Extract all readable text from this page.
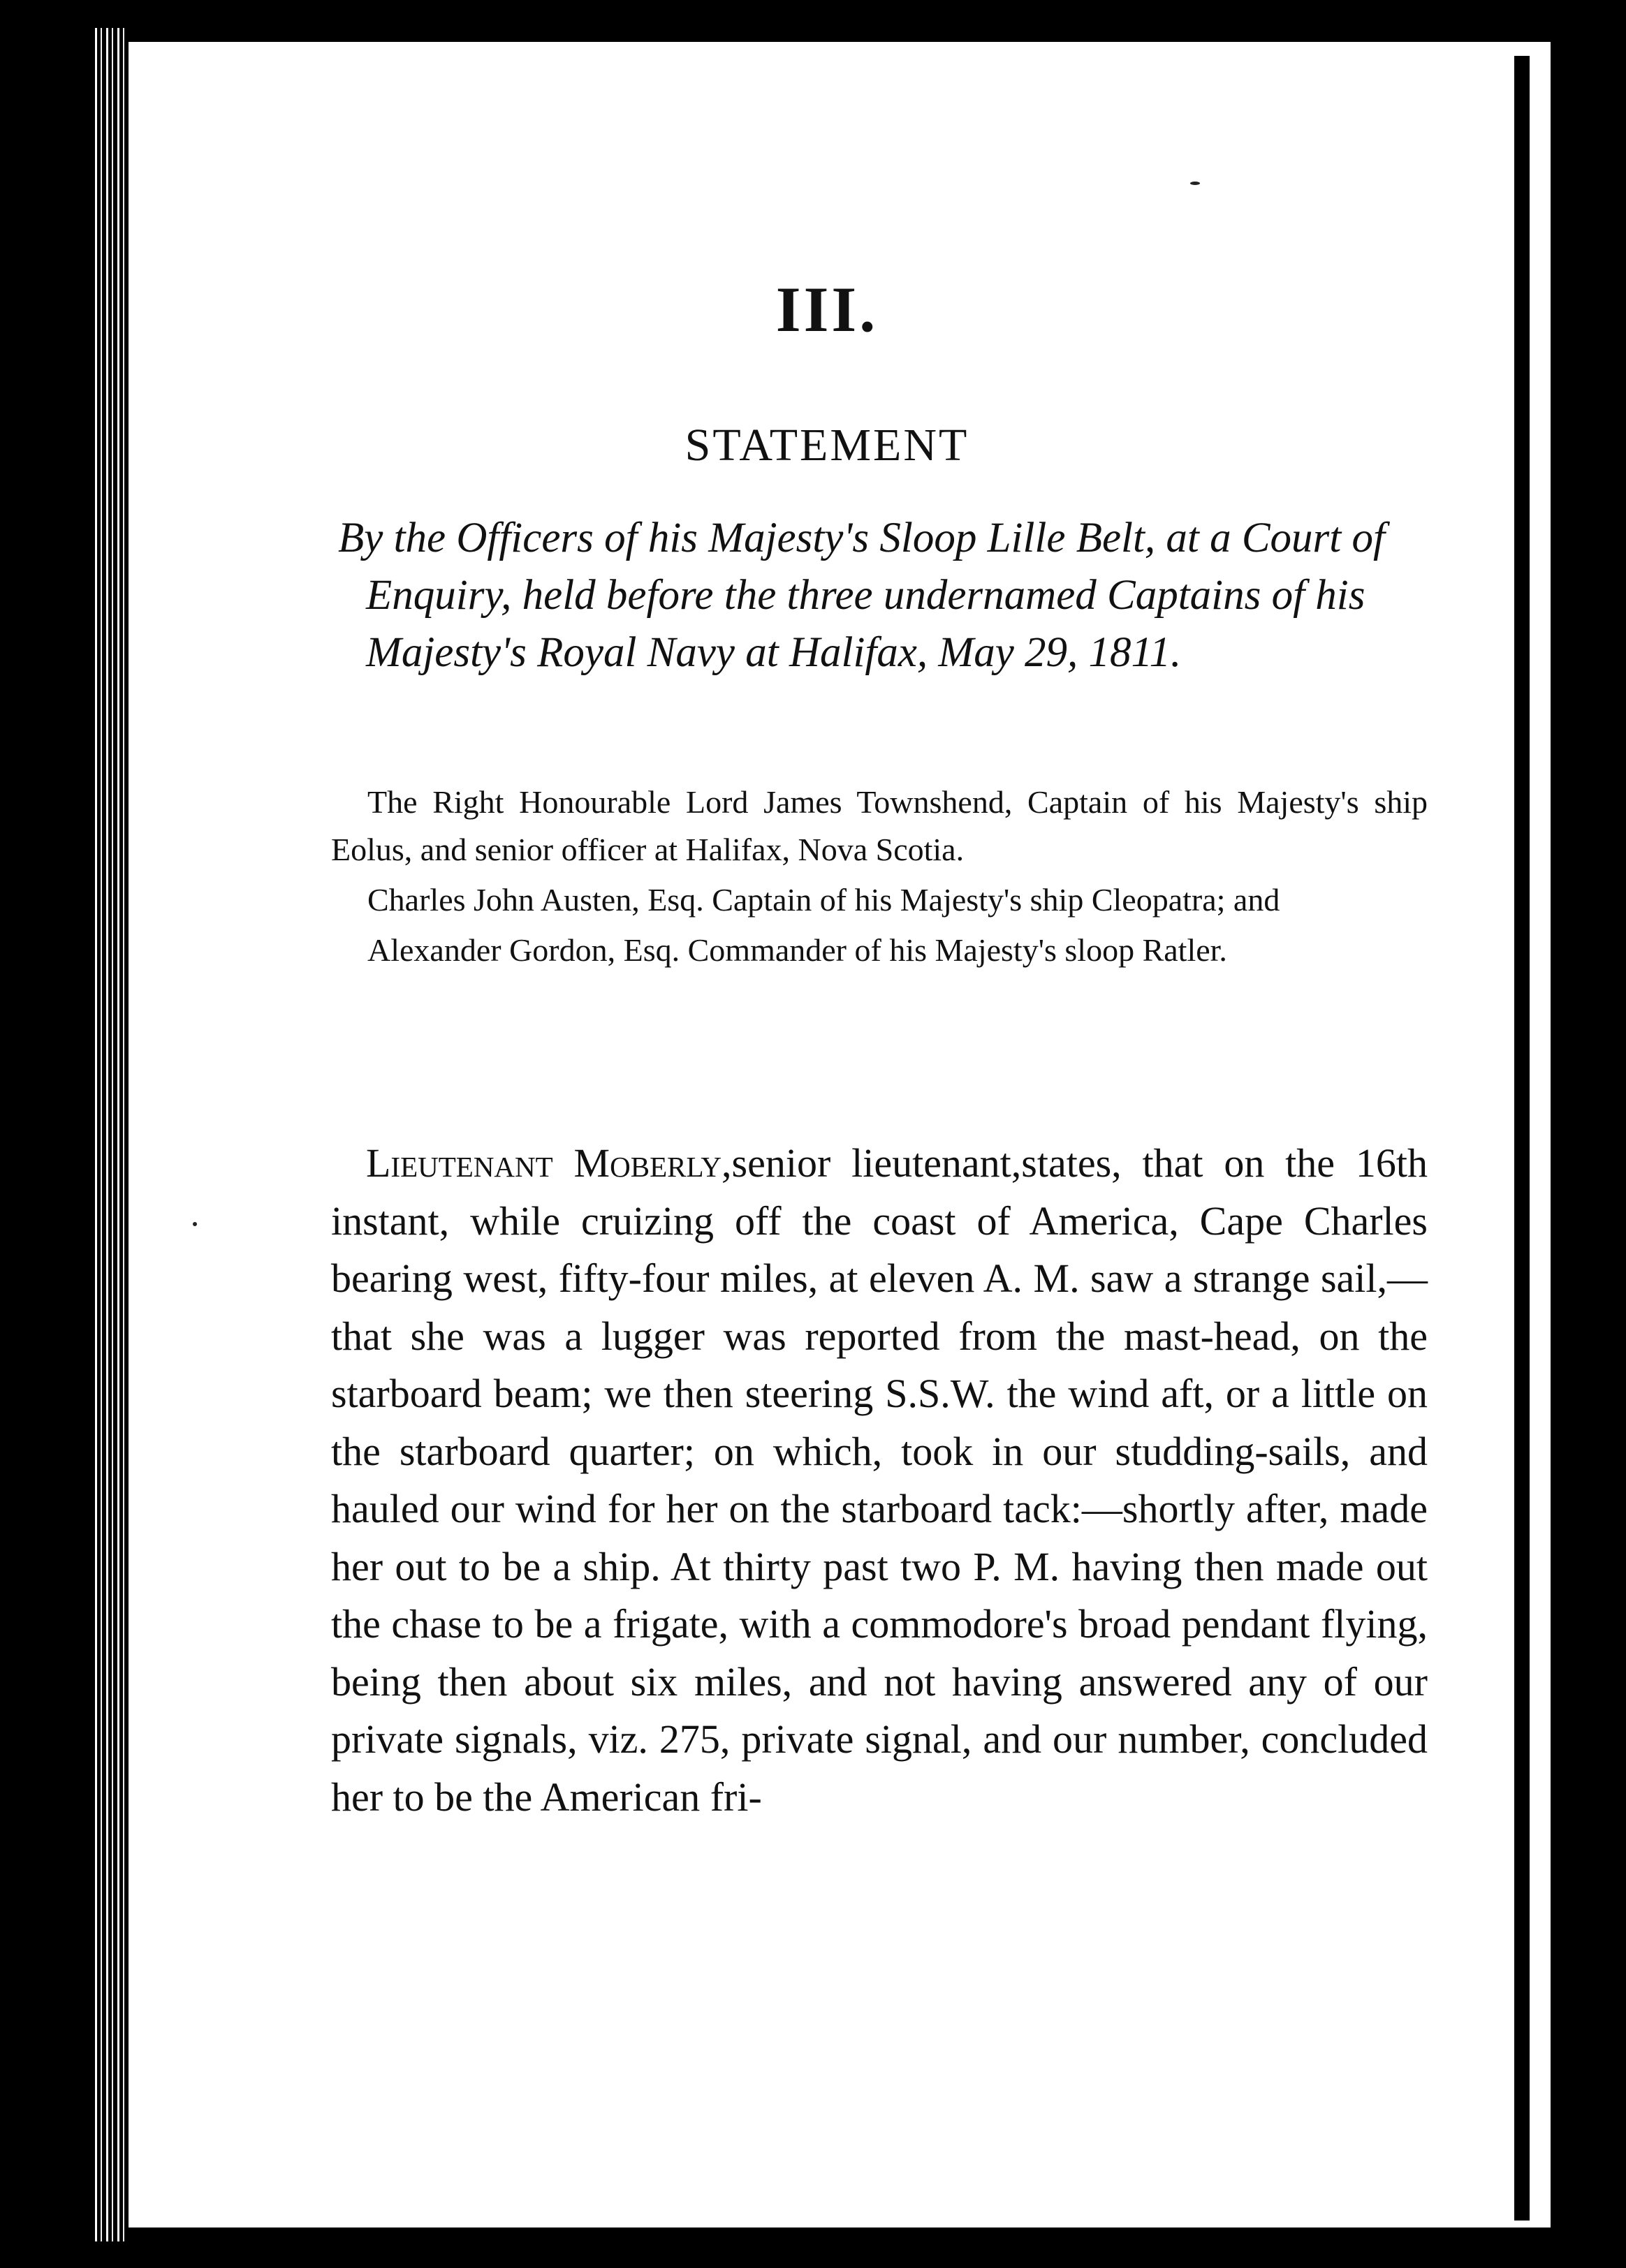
III.
STATEMENT
By the Officers of his Majesty's Sloop Lille Belt, at a Court of Enquiry, held before the three undernamed Captains of his Majesty's Royal Navy at Halifax, May 29, 1811.

The Right Honourable Lord James Townshend, Captain of his Majesty's ship Eolus, and senior officer at Halifax, Nova Scotia.

Charles John Austen, Esq. Captain of his Majesty's ship Cleopatra; and

Alexander Gordon, Esq. Commander of his Majesty's sloop Ratler.

Lieutenant Moberly,senior lieutenant,states, that on the 16th instant, while cruizing off the coast of America, Cape Charles bearing west, fifty-four miles, at eleven A. M. saw a strange sail,—that she was a lugger was reported from the mast-head, on the starboard beam; we then steering S.S.W. the wind aft, or a little on the starboard quarter; on which, took in our studding-sails, and hauled our wind for her on the starboard tack:—shortly after, made her out to be a ship. At thirty past two P. M. having then made out the chase to be a frigate, with a commodore's broad pendant flying, being then about six miles, and not having answered any of our private signals, viz. 275, private signal, and our number, concluded her to be the American fri-
